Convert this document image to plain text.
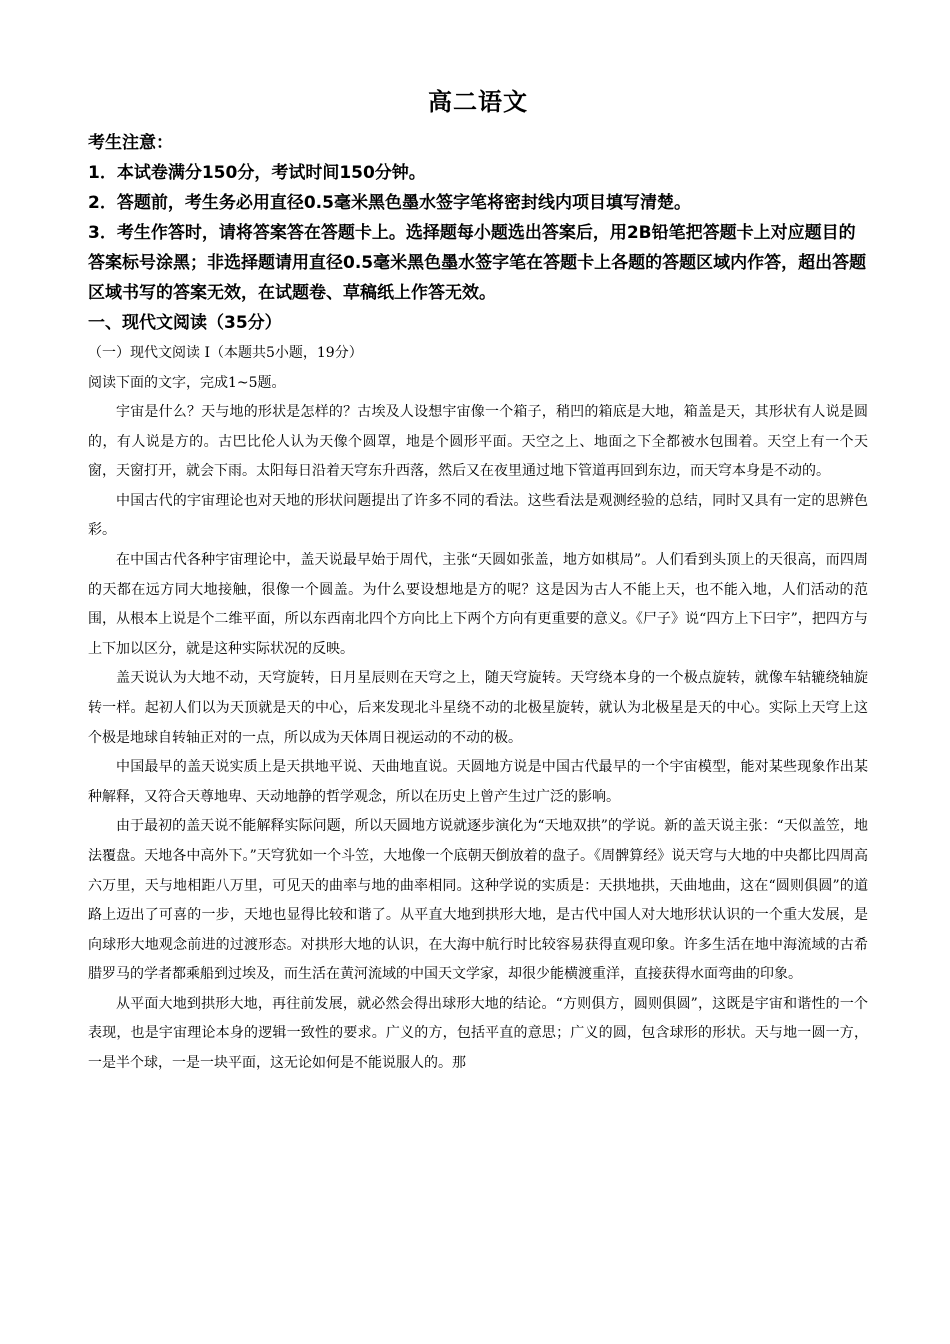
高二语文
考生注意：
1．本试卷满分150分，考试时间150分钟。
2．答题前，考生务必用直径0.5毫米黑色墨水签字笔将密封线内项目填写清楚。
3．考生作答时，请将答案答在答题卡上。选择题每小题选出答案后，用2B铅笔把答题卡上对应题目的答案标号涂黑；非选择题请用直径0.5毫米黑色墨水签字笔在答题卡上各题的答题区域内作答，超出答题区域书写的答案无效，在试题卷、草稿纸上作答无效。
一、现代文阅读（35分）
（一）现代文阅读 I（本题共5小题，19分）
阅读下面的文字，完成1~5题。

宇宙是什么？天与地的形状是怎样的？古埃及人设想宇宙像一个箱子，稍凹的箱底是大地，箱盖是天，其形状有人说是圆的，有人说是方的。古巴比伦人认为天像个圆罩，地是个圆形平面。天空之上、地面之下全都被水包围着。天空上有一个天窗，天窗打开，就会下雨。太阳每日沿着天穹东升西落，然后又在夜里通过地下管道再回到东边，而天穹本身是不动的。

中国古代的宇宙理论也对天地的形状问题提出了许多不同的看法。这些看法是观测经验的总结，同时又具有一定的思辨色彩。

在中国古代各种宇宙理论中，盖天说最早始于周代，主张“天圆如张盖，地方如棋局”。人们看到头顶上的天很高，而四周的天都在远方同大地接触，很像一个圆盖。为什么要设想地是方的呢？这是因为古人不能上天，也不能入地，人们活动的范围，从根本上说是个二维平面，所以东西南北四个方向比上下两个方向有更重要的意义。《尸子》说“四方上下曰宇”，把四方与上下加以区分，就是这种实际状况的反映。

盖天说认为大地不动，天穹旋转，日月星辰则在天穹之上，随天穹旋转。天穹绕本身的一个极点旋转，就像车轱辘绕轴旋转一样。起初人们以为天顶就是天的中心，后来发现北斗星绕不动的北极星旋转，就认为北极星是天的中心。实际上天穹上这个极是地球自转轴正对的一点，所以成为天体周日视运动的不动的极。

中国最早的盖天说实质上是天拱地平说、天曲地直说。天圆地方说是中国古代最早的一个宇宙模型，能对某些现象作出某种解释，又符合天尊地卑、天动地静的哲学观念，所以在历史上曾产生过广泛的影响。

由于最初的盖天说不能解释实际问题，所以天圆地方说就逐步演化为“天地双拱”的学说。新的盖天说主张：“天似盖笠，地法覆盘。天地各中高外下。”天穹犹如一个斗笠，大地像一个底朝天倒放着的盘子。《周髀算经》说天穹与大地的中央都比四周高六万里，天与地相距八万里，可见天的曲率与地的曲率相同。这种学说的实质是：天拱地拱，天曲地曲，这在“圆则俱圆”的道路上迈出了可喜的一步，天地也显得比较和谐了。从平直大地到拱形大地，是古代中国人对大地形状认识的一个重大发展，是向球形大地观念前进的过渡形态。对拱形大地的认识，在大海中航行时比较容易获得直观印象。许多生活在地中海流域的古希腊罗马的学者都乘船到过埃及，而生活在黄河流域的中国天文学家，却很少能横渡重洋，直接获得水面弯曲的印象。

从平面大地到拱形大地，再往前发展，就必然会得出球形大地的结论。“方则俱方，圆则俱圆”，这既是宇宙和谐性的一个表现，也是宇宙理论本身的逻辑一致性的要求。广义的方，包括平直的意思；广义的圆，包含球形的形状。天与地一圆一方，一是半个球，一是一块平面，这无论如何是不能说服人的。那
